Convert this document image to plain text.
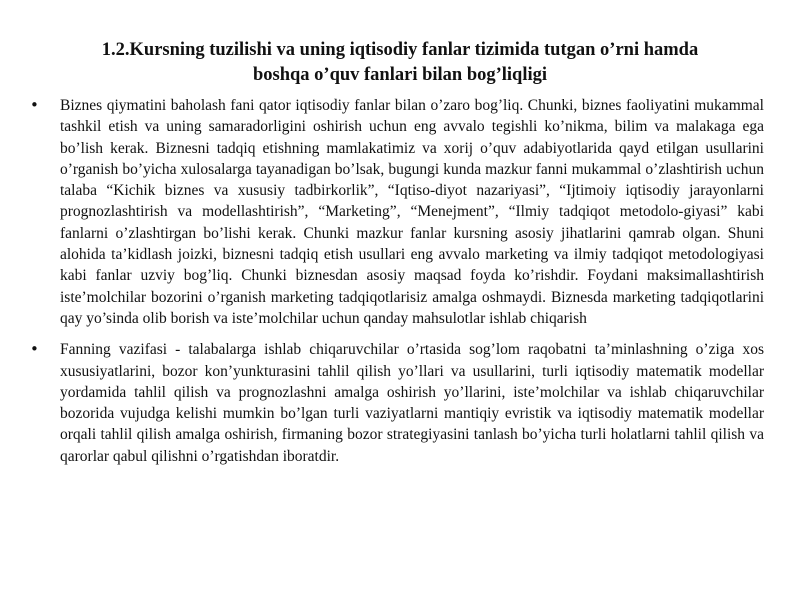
1.2.Kursning tuzilishi va uning iqtisodiy fanlar tizimida tutgan o’rni hamda
boshqa o’quv fanlari bilan bog’liqligi
• Biznes qiymatini baholash fani qator iqtisodiy fanlar bilan o’zaro bog’liq. Chunki, biznes faoliyatini mukammal tashkil etish va uning samaradorligini oshirish uchun eng avvalo tegishli ko’nikma, bilim va malakaga ega bo’lish kerak. Biznesni tadqiq etishning mamlakatimiz va xorij o’quv adabiyotlarida qayd etilgan usullarini o’rganish bo’yicha xulosalarga tayanadigan bo’lsak, bugungi kunda mazkur fanni mukammal o’zlashtirish uchun talaba “Kichik biznes va xususiy tadbirkorlik”, “Iqtiso-diyot nazariyasi”, “Ijtimoiy iqtisodiy jarayonlarni prognozlashtirish va modellashtirish”, “Marketing”, “Menejment”, “Ilmiy tadqiqot metodolo-giyasi” kabi fanlarni o’zlashtirgan bo’lishi kerak. Chunki mazkur fanlar kursning asosiy jihatlarini qamrab olgan. Shuni alohida ta’kidlash joizki, biznesni tadqiq etish usullari eng avvalo marketing va ilmiy tadqiqot metodologiyasi kabi fanlar uzviy bog’liq. Chunki biznesdan asosiy maqsad foyda ko’rishdir. Foydani maksimallashtirish iste’molchilar bozorini o’rganish marketing tadqiqotlarisiz amalga oshmaydi. Biznesda marketing tadqiqotlarini qay yo’sinda olib borish va iste’molchilar uchun qanday mahsulotlar ishlab chiqarish

• Fanning vazifasi - talabalarga ishlab chiqaruvchilar o’rtasida sog’lom raqobatni ta’minlashning o’ziga xos xususiyatlarini, bozor kon’yunkturasini tahlil qilish yo’llari va usullarini, turli iqtisodiy matematik modellar yordamida tahlil qilish va prognozlashni amalga oshirish yo’llarini, iste’molchilar va ishlab chiqaruvchilar bozorida vujudga kelishi mumkin bo’lgan turli vaziyatlarni mantiqiy evristik va iqtisodiy matematik modellar orqali tahlil qilish amalga oshirish, firmaning bozor strategiyasini tanlash bo’yicha turli holatlarni tahlil qilish va qarorlar qabul qilishni o’rgatishdan iboratdir.
